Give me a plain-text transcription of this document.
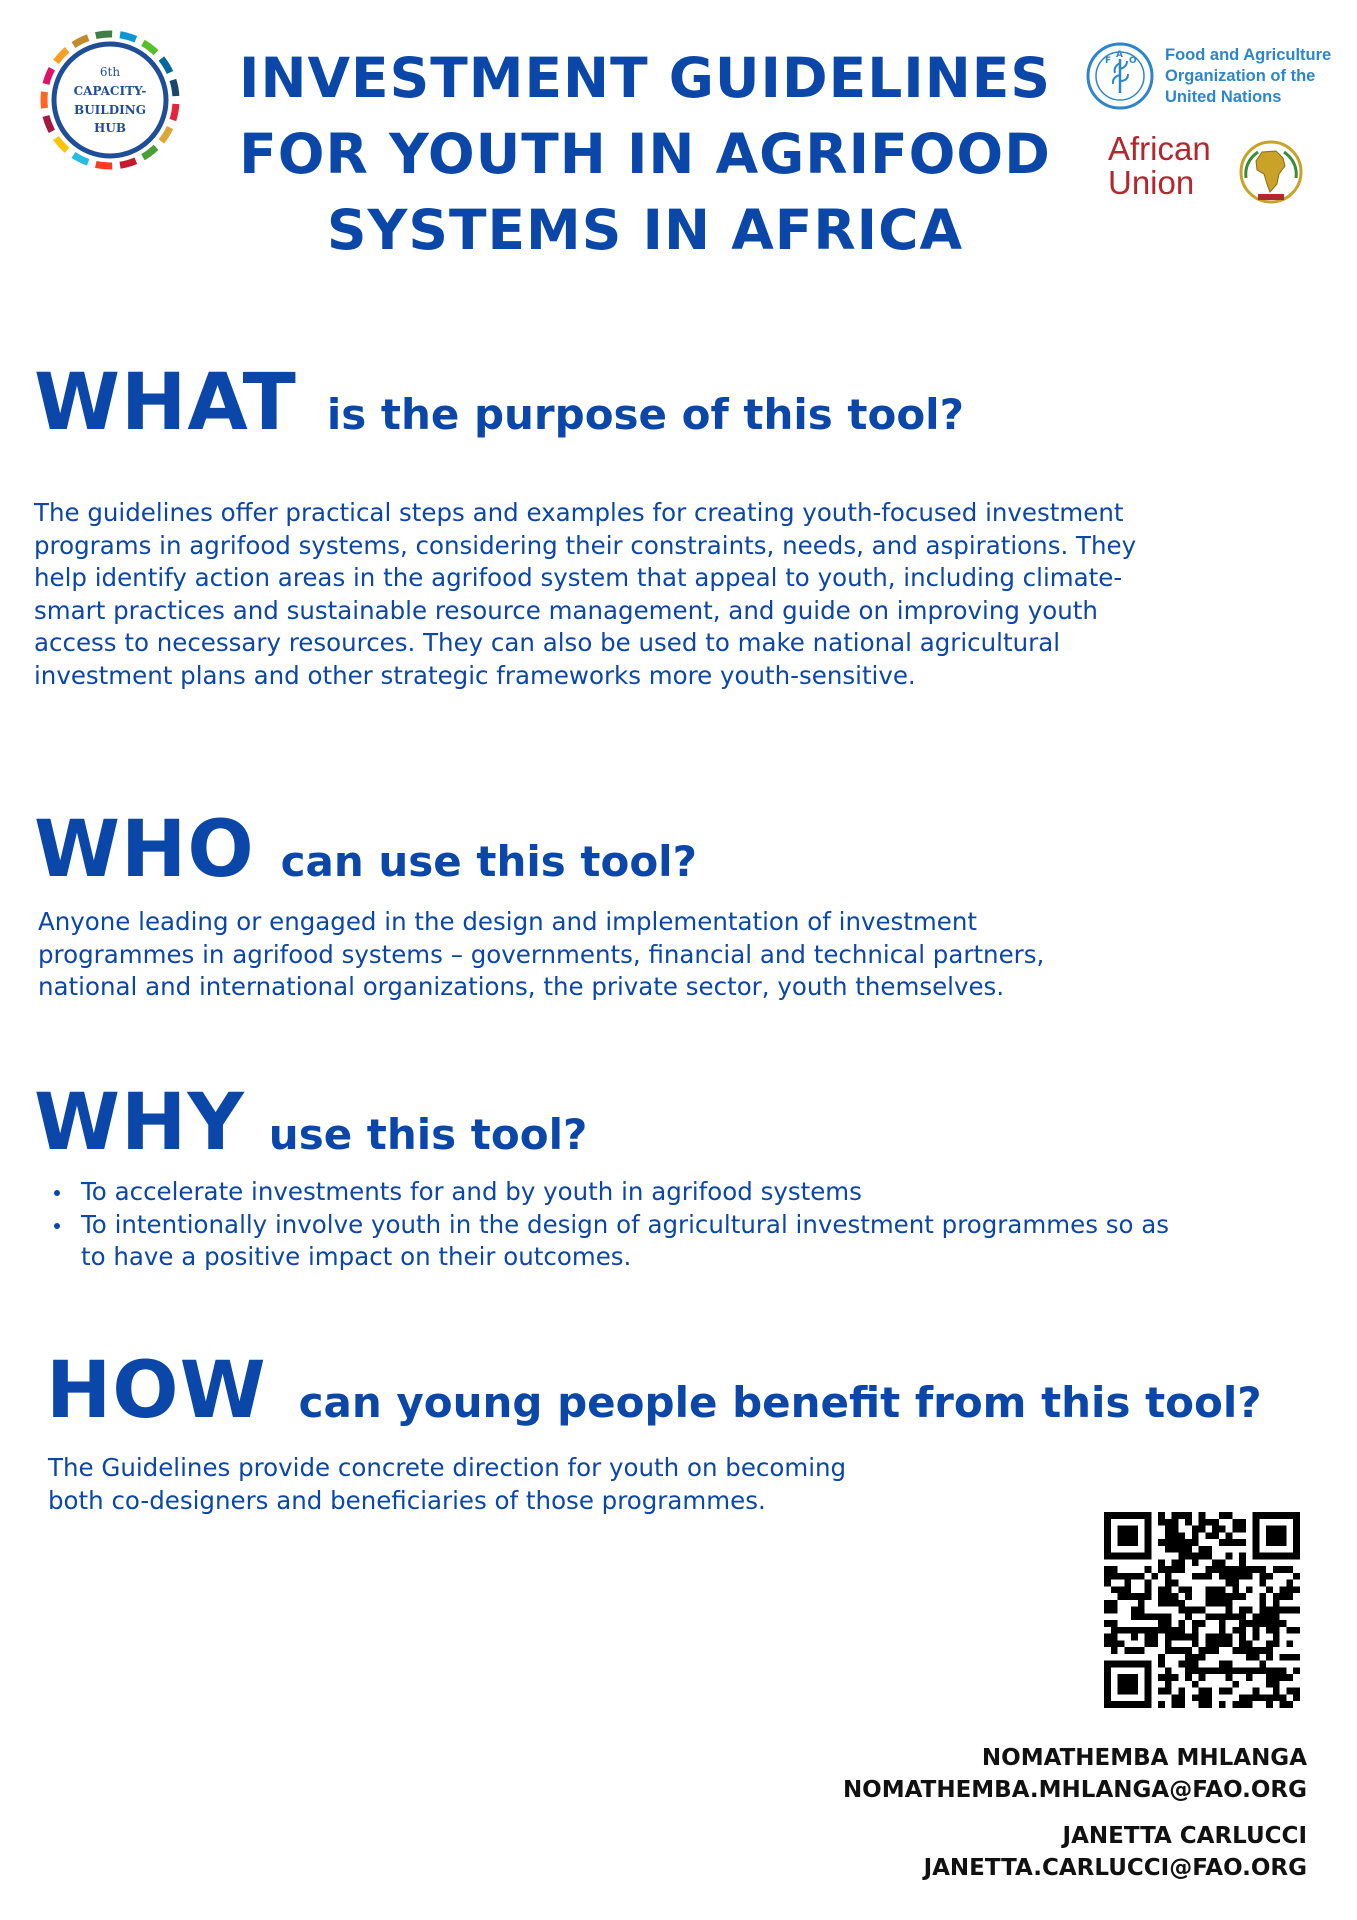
6th
CAPACITY-
BUILDING
HUB
INVESTMENT GUIDELINES
FOR YOUTH IN AGRIFOOD
SYSTEMS IN AFRICA
F
A
O Food and Agriculture
Organization of the
United Nations
African
Union
WHAT is the purpose of this tool?
The guidelines offer practical steps and examples for creating youth-focused investment
programs in agrifood systems, considering their constraints, needs, and aspirations. They
help identify action areas in the agrifood system that appeal to youth, including climate-
smart practices and sustainable resource management, and guide on improving youth
access to necessary resources. They can also be used to make national agricultural
investment plans and other strategic frameworks more youth-sensitive.
WHO can use this tool?
Anyone leading or engaged in the design and implementation of investment
programmes in agrifood systems – governments, financial and technical partners,
national and international organizations, the private sector, youth themselves.
WHY use this tool?
To accelerate investments for and by youth in agrifood systems
To intentionally involve youth in the design of agricultural investment programmes so as
to have a positive impact on their outcomes.
HOW can young people benefit from this tool?
The Guidelines provide concrete direction for youth on becoming
both co-designers and beneficiaries of those programmes.
NOMATHEMBA MHLANGA
NOMATHEMBA.MHLANGA@FAO.ORG
JANETTA CARLUCCI
JANETTA.CARLUCCI@FAO.ORG
